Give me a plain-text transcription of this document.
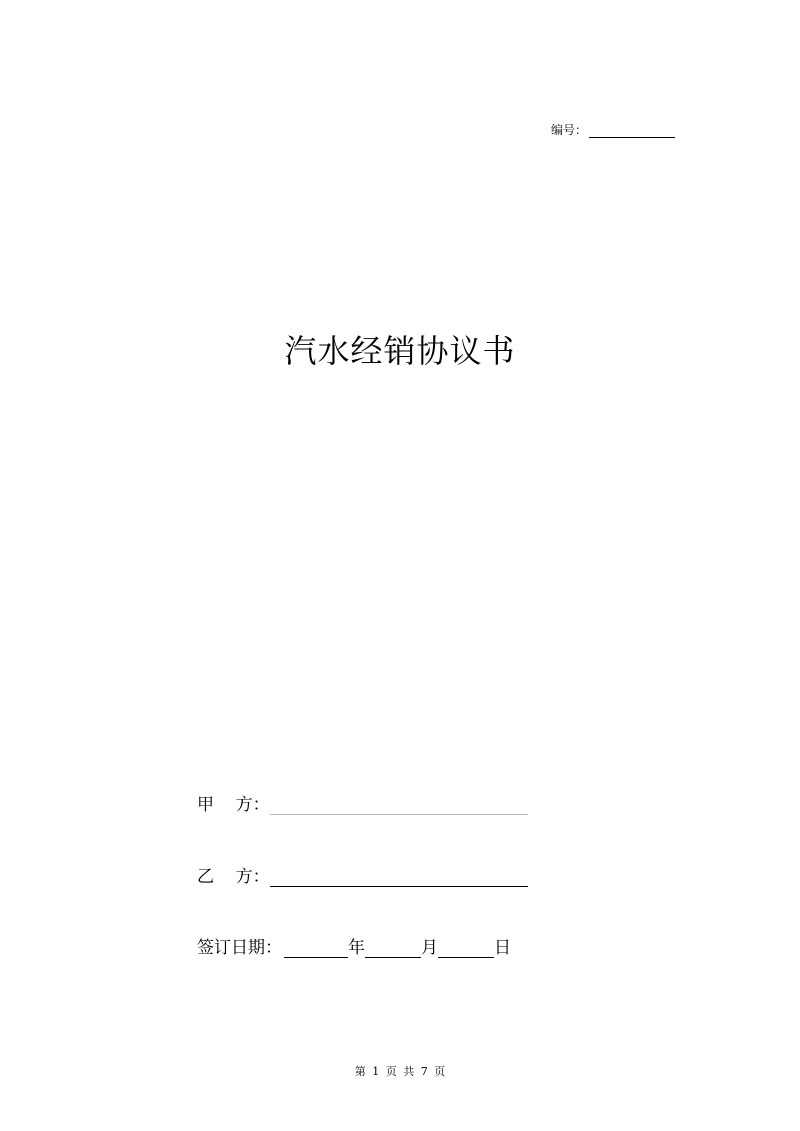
编号：
汽水经销协议书
甲    方：
乙    方：
签订日期：	年	月	日
第 1 页 共 7 页
